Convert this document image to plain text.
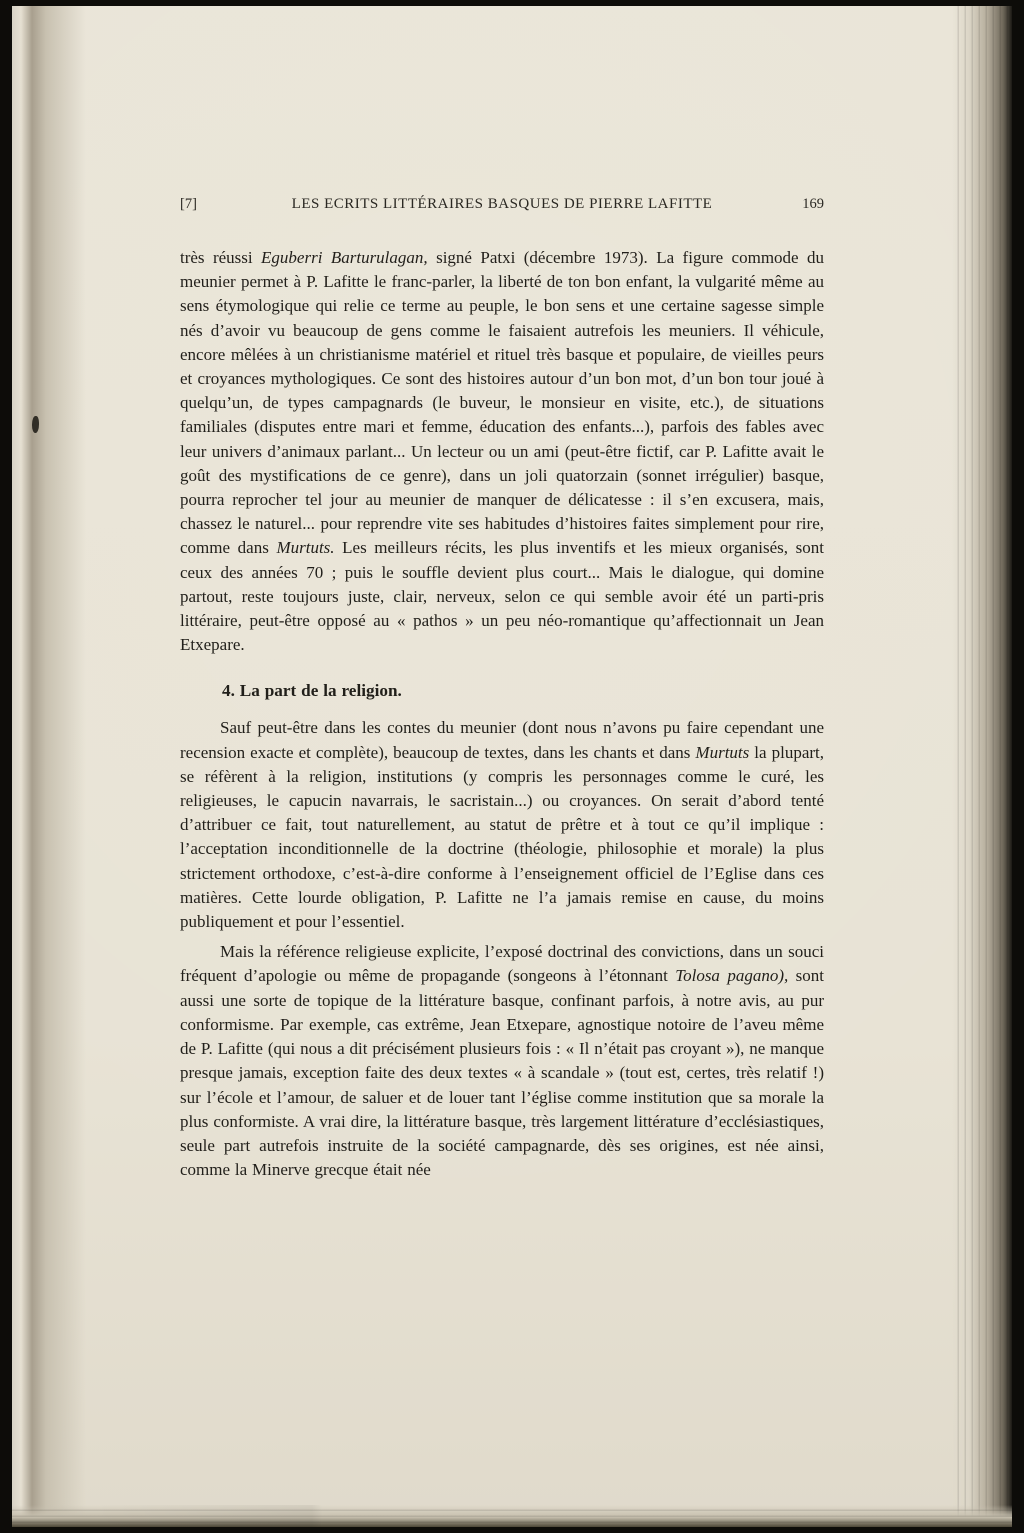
[7]	LES ECRITS LITTÉRAIRES BASQUES DE PIERRE LAFITTE	169

très réussi Eguberri Barturulagan, signé Patxi (décembre 1973). La figure commode du meunier permet à P. Lafitte le franc-parler, la liberté de ton bon enfant, la vulgarité même au sens étymologique qui relie ce terme au peuple, le bon sens et une certaine sagesse simple nés d’avoir vu beaucoup de gens comme le faisaient autrefois les meuniers. Il véhicule, encore mêlées à un christianisme matériel et rituel très basque et populaire, de vieilles peurs et croyances mythologiques. Ce sont des histoires autour d’un bon mot, d’un bon tour joué à quelqu’un, de types campagnards (le buveur, le monsieur en visite, etc.), de situations familiales (disputes entre mari et femme, éducation des enfants...), parfois des fables avec leur univers d’animaux parlant... Un lecteur ou un ami (peut-être fictif, car P. Lafitte avait le goût des mystifications de ce genre), dans un joli quatorzain (sonnet irrégulier) basque, pourra reprocher tel jour au meunier de manquer de délicatesse : il s’en excusera, mais, chassez le naturel... pour reprendre vite ses habitudes d’histoires faites simplement pour rire, comme dans Murtuts. Les meilleurs récits, les plus inventifs et les mieux organisés, sont ceux des années 70 ; puis le souffle devient plus court... Mais le dialogue, qui domine partout, reste toujours juste, clair, nerveux, selon ce qui semble avoir été un parti-pris littéraire, peut-être opposé au « pathos » un peu néo-romantique qu’affectionnait un Jean Etxepare.

4. La part de la religion.

Sauf peut-être dans les contes du meunier (dont nous n’avons pu faire cependant une recension exacte et complète), beaucoup de textes, dans les chants et dans Murtuts la plupart, se réfèrent à la religion, institutions (y compris les personnages comme le curé, les religieuses, le capucin navarrais, le sacristain...) ou croyances. On serait d’abord tenté d’attribuer ce fait, tout naturellement, au statut de prêtre et à tout ce qu’il implique : l’acceptation inconditionnelle de la doctrine (théologie, philosophie et morale) la plus strictement orthodoxe, c’est-à-dire conforme à l’enseignement officiel de l’Eglise dans ces matières. Cette lourde obligation, P. Lafitte ne l’a jamais remise en cause, du moins publiquement et pour l’essentiel.

Mais la référence religieuse explicite, l’exposé doctrinal des convictions, dans un souci fréquent d’apologie ou même de propagande (songeons à l’étonnant Tolosa pagano), sont aussi une sorte de topique de la littérature basque, confinant parfois, à notre avis, au pur conformisme. Par exemple, cas extrême, Jean Etxepare, agnostique notoire de l’aveu même de P. Lafitte (qui nous a dit précisément plusieurs fois : « Il n’était pas croyant »), ne manque presque jamais, exception faite des deux textes « à scandale » (tout est, certes, très relatif !) sur l’école et l’amour, de saluer et de louer tant l’église comme institution que sa morale la plus conformiste. A vrai dire, la littérature basque, très largement littérature d’ecclésiastiques, seule part autrefois instruite de la société campagnarde, dès ses origines, est née ainsi, comme la Minerve grecque était née
